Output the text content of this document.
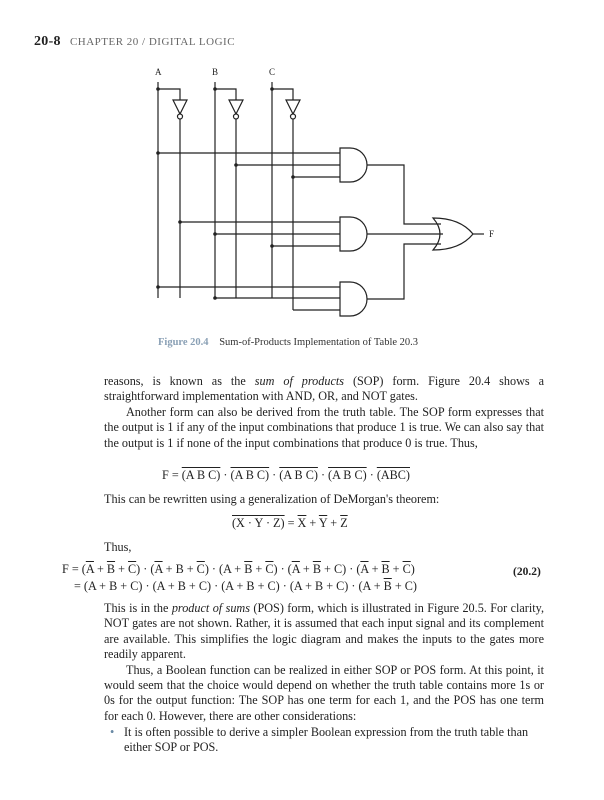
20-8 CHAPTER 20 / DIGITAL LOGIC
A	B	C
F
Figure 20.4 Sum-of-Products Implementation of Table 20.3

reasons, is known as the sum of products (SOP) form. Figure 20.4 shows a straightforward implementation with AND, OR, and NOT gates.

Another form can also be derived from the truth table. The SOP form expresses that the output is 1 if any of the input combinations that produce 1 is true. We can also say that the output is 1 if none of the input combinations that produce 0 is true. Thus,

F = (A B C) · (A B C) · (A B C) · (A B C) · (ABC)
This can be rewritten using a generalization of DeMorgan's theorem:
$(X \cdot Y \cdot Z) = \overline{X} + \overline{Y} + \overline{Z}$
Thus,
$F = (\overline{A} + \overline{B} + \overline{C}) \cdot (\overline{A} + B + \overline{C}) \cdot (A + \overline{B} + \overline{C}) \cdot (\overline{A} + \overline{B} + C) \cdot (\overline{A} + \overline{B} + \overline{C})$
= $(A + B + C) \cdot (A + B + C) \cdot (A + B + C) \cdot (A + B + C) \cdot (A + \overline{B} + C)$
(20.2)

This is in the product of sums (POS) form, which is illustrated in Figure 20.5. For clarity, NOT gates are not shown. Rather, it is assumed that each input signal and its complement are available. This simplifies the logic diagram and makes the inputs to the gates more readily apparent.

Thus, a Boolean function can be realized in either SOP or POS form. At this point, it would seem that the choice would depend on whether the truth table contains more 1s or 0s for the output function: The SOP has one term for each 1, and the POS has one term for each 0. However, there are other considerations:

• It is often possible to derive a simpler Boolean expression from the truth table than either SOP or POS.
